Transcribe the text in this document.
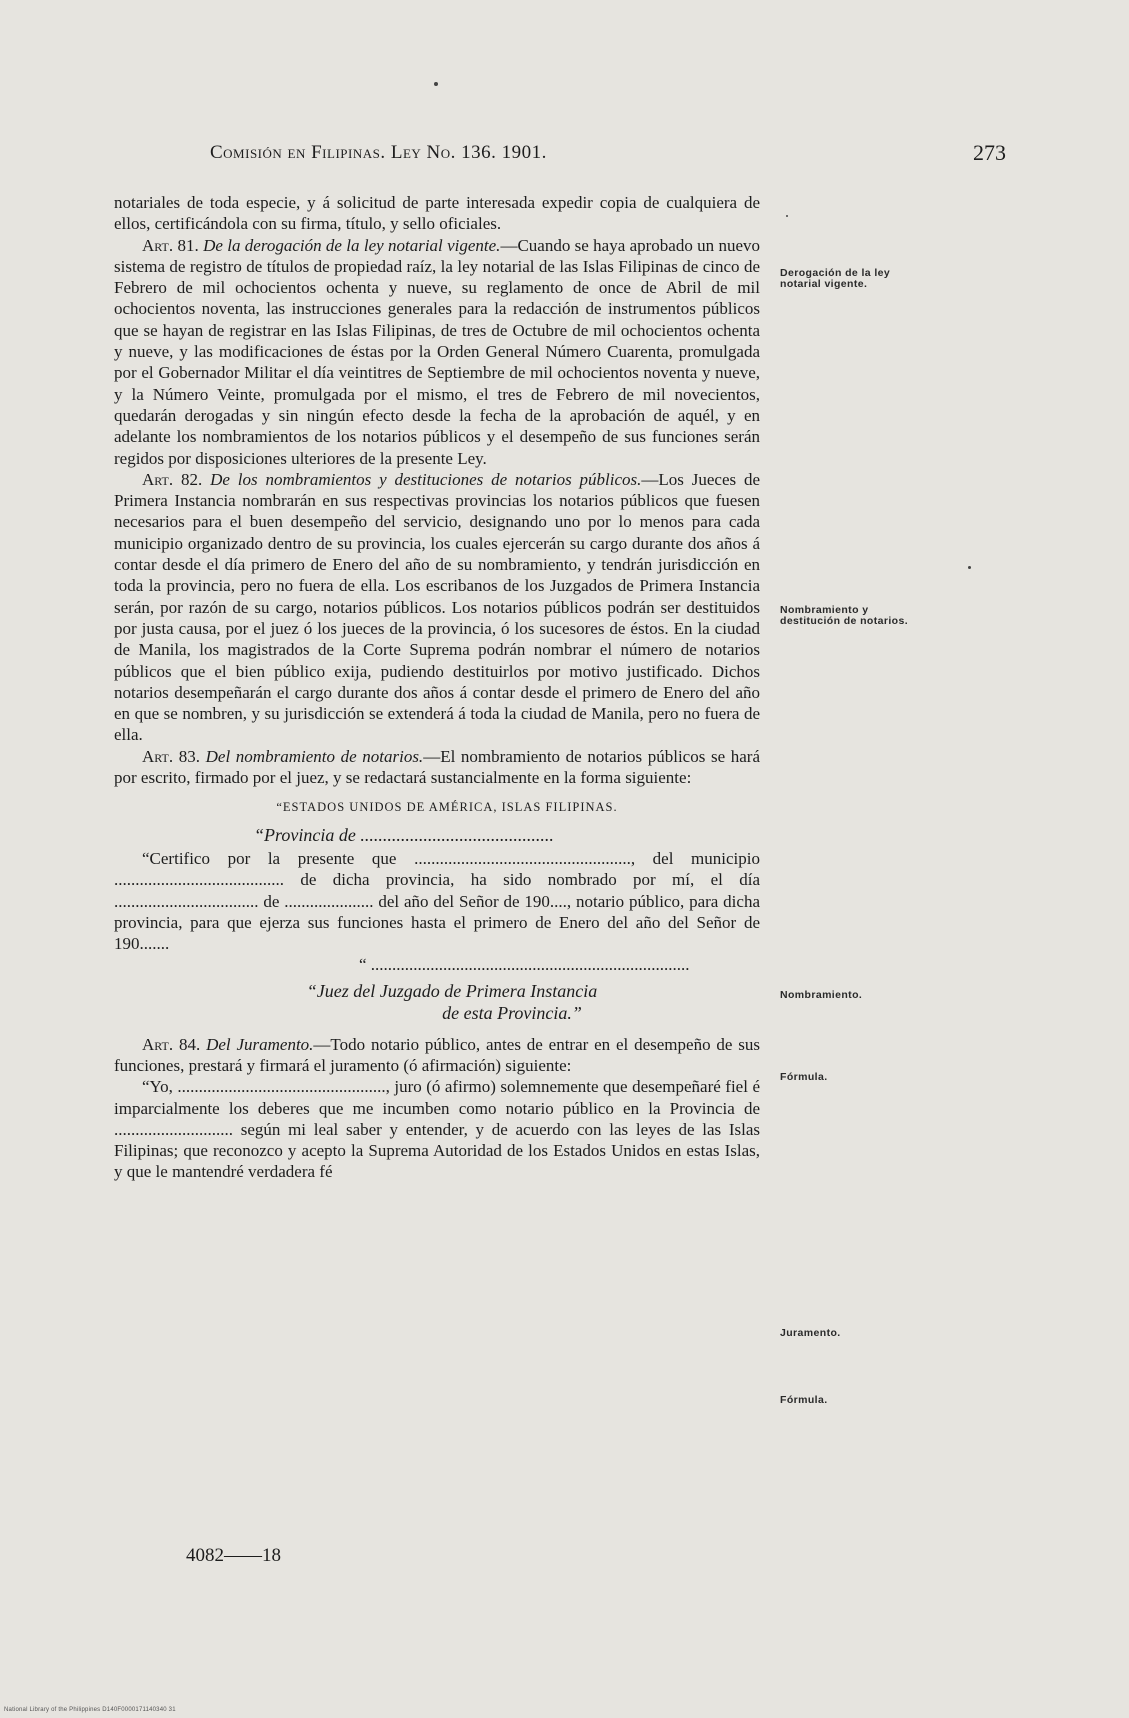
Comisión en Filipinas. Ley No. 136. 1901.	273

notariales de toda especie, y á solicitud de parte interesada expedir copia de cualquiera de ellos, certificándola con su firma, título, y sello oficiales.

Art. 81. De la derogación de la ley notarial vigente.—Cuando se haya aprobado un nuevo sistema de registro de títulos de propiedad raíz, la ley notarial de las Islas Filipinas de cinco de Febrero de mil ochocientos ochenta y nueve, su reglamento de once de Abril de mil ochocientos noventa, las instrucciones generales para la redacción de instrumentos públicos que se hayan de registrar en las Islas Filipinas, de tres de Octubre de mil ochocientos ochenta y nueve, y las modificaciones de éstas por la Orden General Número Cuarenta, promulgada por el Gobernador Militar el día veintitres de Septiembre de mil ochocientos noventa y nueve, y la Número Veinte, promulgada por el mismo, el tres de Febrero de mil novecientos, quedarán derogadas y sin ningún efecto desde la fecha de la aprobación de aquél, y en adelante los nombramientos de los notarios públicos y el desempeño de sus funciones serán regidos por disposiciones ulteriores de la presente Ley.

Art. 82. De los nombramientos y destituciones de notarios públicos.—Los Jueces de Primera Instancia nombrarán en sus respectivas provincias los notarios públicos que fuesen necesarios para el buen desempeño del servicio, designando uno por lo menos para cada municipio organizado dentro de su provincia, los cuales ejercerán su cargo durante dos años á contar desde el día primero de Enero del año de su nombramiento, y tendrán jurisdicción en toda la provincia, pero no fuera de ella. Los escribanos de los Juzgados de Primera Instancia serán, por razón de su cargo, notarios públicos. Los notarios públicos podrán ser destituidos por justa causa, por el juez ó los jueces de la provincia, ó los sucesores de éstos. En la ciudad de Manila, los magistrados de la Corte Suprema podrán nombrar el número de notarios públicos que el bien público exija, pudiendo destituirlos por motivo justificado. Dichos notarios desempeñarán el cargo durante dos años á contar desde el primero de Enero del año en que se nombren, y su jurisdicción se extenderá á toda la ciudad de Manila, pero no fuera de ella.

Art. 83. Del nombramiento de notarios.—El nombramiento de notarios públicos se hará por escrito, firmado por el juez, y se redactará sustancialmente en la forma siguiente:

“ESTADOS UNIDOS DE AMÉRICA, ISLAS FILIPINAS.

“Provincia de ...........................................

“Certifico por la presente que ..................................................., del municipio ........................................ de dicha provincia, ha sido nombrado por mí, el día .................................. de ..................... del año del Señor de 190...., notario público, para dicha provincia, para que ejerza sus funciones hasta el primero de Enero del año del Señor de 190.......

“ ...........................................................................

“Juez del Juzgado de Primera Instancia
de esta Provincia.”

Art. 84. Del Juramento.—Todo notario público, antes de entrar en el desempeño de sus funciones, prestará y firmará el juramento (ó afirmación) siguiente:

“Yo, ................................................., juro (ó afirmo) solemnemente que desempeñaré fiel é imparcialmente los deberes que me incumben como notario público en la Provincia de ............................ según mi leal saber y entender, y de acuerdo con las leyes de las Islas Filipinas; que reconozco y acepto la Suprema Autoridad de los Estados Unidos en estas Islas, y que le mantendré verdadera fé

Derogación de la ley notarial vigente.
Nombramiento y destitución de notarios.
Nombramiento.
Fórmula.
Juramento.
Fórmula.
4082——18
National Library of the Philippines D140F0000171140340 31
